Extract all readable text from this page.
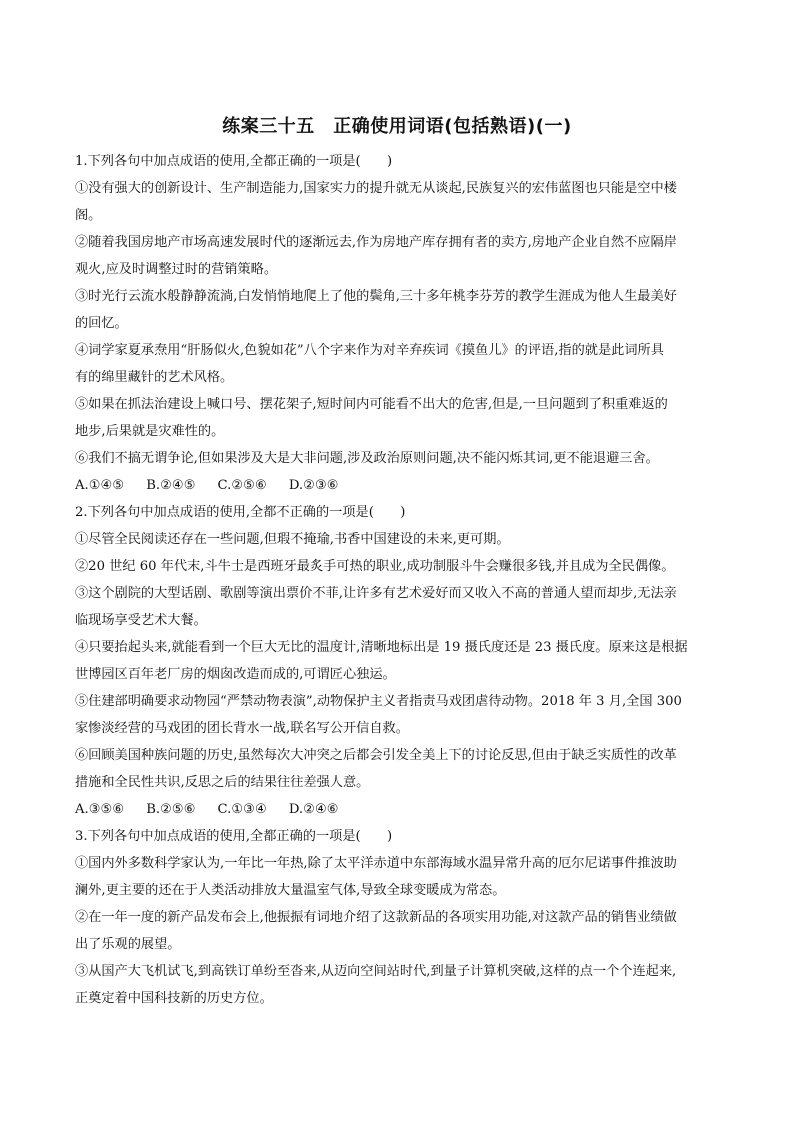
练案三十五　正确使用词语(包括熟语)(一)
1.下列各句中加点成语的使用,全都正确的一项是(　　)
①没有强大的创新设计、生产制造能力,国家实力的提升就无从谈起,民族复兴的宏伟蓝图也只能是空中楼
阁。
②随着我国房地产市场高速发展时代的逐渐远去,作为房地产库存拥有者的卖方,房地产企业自然不应隔岸
观火,应及时调整过时的营销策略。
③时光行云流水般静静流淌,白发悄悄地爬上了他的鬓角,三十多年桃李芬芳的教学生涯成为他人生最美好
的回忆。
④词学家夏承焘用“肝肠似火,色貌如花”八个字来作为对辛弃疾词《摸鱼儿》的评语,指的就是此词所具
有的绵里藏针的艺术风格。
⑤如果在抓法治建设上喊口号、摆花架子,短时间内可能看不出大的危害,但是,一旦问题到了积重难返的
地步,后果就是灾难性的。
⑥我们不搞无谓争论,但如果涉及大是大非问题,涉及政治原则问题,决不能闪烁其词,更不能退避三舍。
A.①④⑤ B.②④⑤ C.②⑤⑥ D.②③⑥
2.下列各句中加点成语的使用,全都不正确的一项是(　　)
①尽管全民阅读还存在一些问题,但瑕不掩瑜,书香中国建设的未来,更可期。
②20 世纪 60 年代末,斗牛士是西班牙最炙手可热的职业,成功制服斗牛会赚很多钱,并且成为全民偶像。
③这个剧院的大型话剧、歌剧等演出票价不菲,让许多有艺术爱好而又收入不高的普通人望而却步,无法亲
临现场享受艺术大餐。
④只要抬起头来,就能看到一个巨大无比的温度计,清晰地标出是 19 摄氏度还是 23 摄氏度。原来这是根据
世博园区百年老厂房的烟囱改造而成的,可谓匠心独运。
⑤住建部明确要求动物园“严禁动物表演”,动物保护主义者指责马戏团虐待动物。2018 年 3 月,全国 300
家惨淡经营的马戏团的团长背水一战,联名写公开信自救。
⑥回顾美国种族问题的历史,虽然每次大冲突之后都会引发全美上下的讨论反思,但由于缺乏实质性的改革
措施和全民性共识,反思之后的结果往往差强人意。
A.③⑤⑥ B.②⑤⑥ C.①③④ D.②④⑥
3.下列各句中加点成语的使用,全都正确的一项是(　　)
①国内外多数科学家认为,一年比一年热,除了太平洋赤道中东部海域水温异常升高的厄尔尼诺事件推波助
澜外,更主要的还在于人类活动排放大量温室气体,导致全球变暖成为常态。
②在一年一度的新产品发布会上,他振振有词地介绍了这款新品的各项实用功能,对这款产品的销售业绩做
出了乐观的展望。
③从国产大飞机试飞,到高铁订单纷至沓来,从迈向空间站时代,到量子计算机突破,这样的点一个个连起来,
正奠定着中国科技新的历史方位。
